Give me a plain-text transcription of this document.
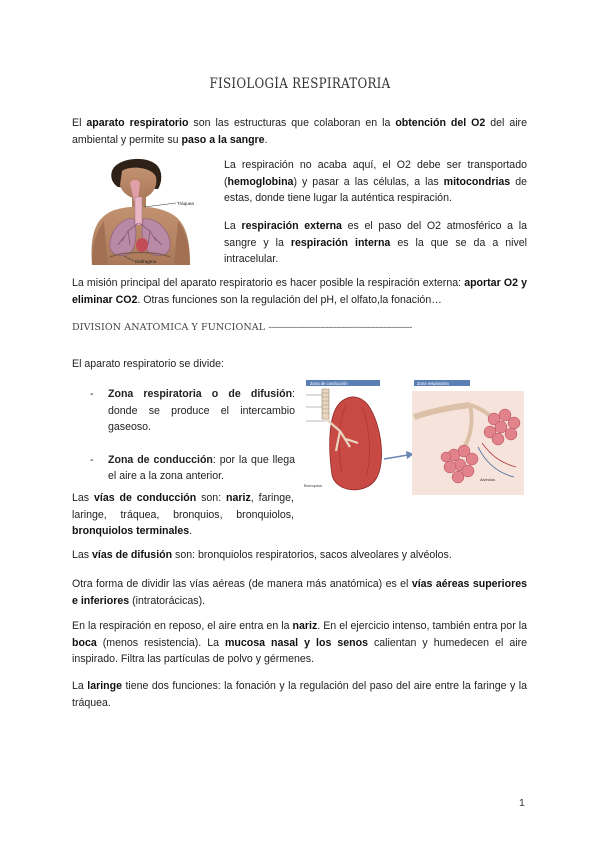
FISIOLOGÍA RESPIRATORIA

El aparato respiratorio son las estructuras que colaboran en la obtención del O2 del aire ambiental y permite su paso a la sangre.

Tráquea
Diafragma

La respiración no acaba aquí, el O2 debe ser transportado (hemoglobina) y pasar a las células, a las mitocondrias de estas, donde tiene lugar la auténtica respiración.

La respiración externa es el paso del O2 atmosférico a la sangre y la respiración interna es la que se da a nivel intracelular.

La misión principal del aparato respiratorio es hacer posible la respiración externa: aportar O2 y eliminar CO2. Otras funciones son la regulación del pH, el olfato,la fonación…

DIVISIÓN ANATÓMICA Y FUNCIONAL -------------------------------------------------------

El aparato respiratorio se divide:

- Zona respiratoria o de difusión: donde se produce el intercambio gaseoso.
- Zona de conducción: por la que llega el aire a la zona anterior.
Zona de conducción	Zona respiratoria
Bronquios
Alvéolos

Las vías de conducción son: nariz, faringe, laringe, tráquea, bronquios, bronquiolos, bronquiolos terminales.

Las vías de difusión son: bronquiolos respiratorios, sacos alveolares y alvéolos.

Otra forma de dividir las vías aéreas (de manera más anatómica) es el vías aéreas superiores e inferiores (intratorácicas).

En la respiración en reposo, el aire entra en la nariz. En el ejercicio intenso, también entra por la boca (menos resistencia). La mucosa nasal y los senos calientan y humedecen el aire inspirado. Filtra las partículas de polvo y gérmenes.

La laringe tiene dos funciones: la fonación y la regulación del paso del aire entre la faringe y la tráquea.

1
